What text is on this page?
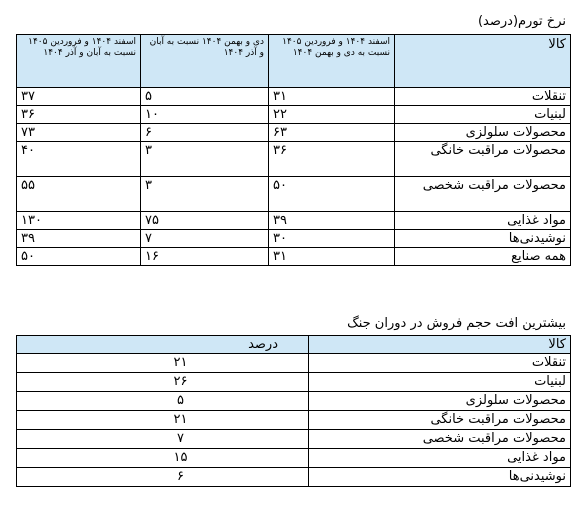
نرخ تورم(درصد)
کالا	اسفند ۱۴۰۴ و فروردین ۱۴۰۵ نسبت به دی و بهمن ۱۴۰۴	دی و بهمن ۱۴۰۴ نسبت به آبان و آذر ۱۴۰۴	اسفند ۱۴۰۴ و فروردین ۱۴۰۵ نسبت به آبان و آذر ۱۴۰۴
تنقلات	۳۱	۵	۳۷
لبنیات	۲۲	۱۰	۳۶
محصولات سلولزی	۶۳	۶	۷۳
محصولات مراقبت خانگی	۳۶	۳	۴۰
محصولات مراقبت شخصی	۵۰	۳	۵۵
مواد غذایی	۳۹	۷۵	۱۳۰
نوشیدنی‌ها	۳۰	۷	۳۹
همه صنایع	۳۱	۱۶	۵۰
بیشترین افت حجم فروش در دوران جنگ
کالا	درصد
تنقلات	۲۱
لبنیات	۲۶
محصولات سلولزی	۵
محصولات مراقبت خانگی	۲۱
محصولات مراقبت شخصی	۷
مواد غذایی	۱۵
نوشیدنی‌ها	۶
